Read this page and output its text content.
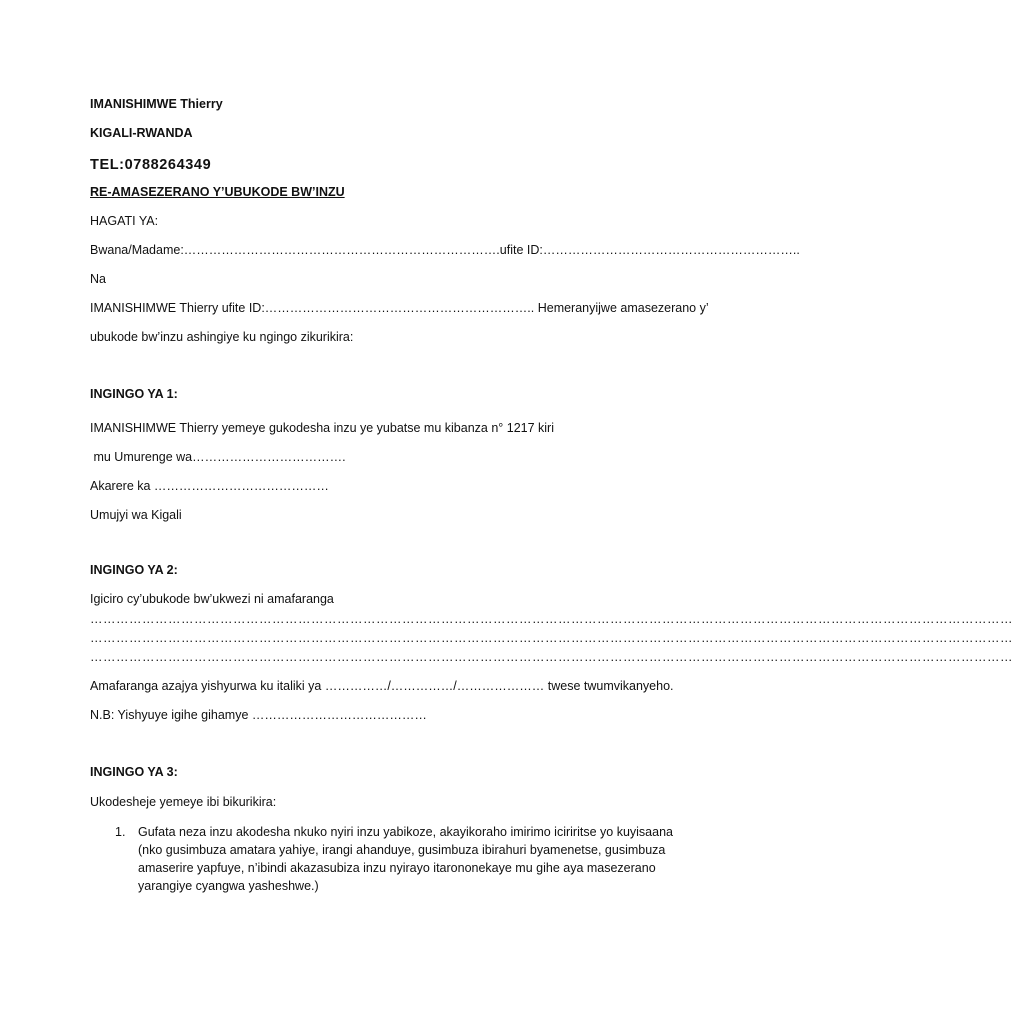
IMANISHIMWE Thierry
KIGALI-RWANDA
TEL:0788264349
RE-AMASEZERANO Y’UBUKODE BW’INZU
HAGATI YA:
Bwana/Madame:………………………………………………………………….ufite ID:……………………………………………………..
Na
IMANISHIMWE Thierry ufite ID:……………………………………………………….. Hemeranyijwe amasezerano y’
ubukode bw’inzu ashingiye ku ngingo zikurikira:
INGINGO YA 1:
IMANISHIMWE Thierry yemeye gukodesha inzu ye yubatse mu kibanza n° 1217 kiri
mu Umurenge wa……………………………….
Akarere ka ……………………………………
Umujyi wa Kigali
INGINGO YA 2:
Igiciro cy’ubukode bw’ukwezi ni amafaranga
……………………………………………………………………………………………………………………………………………………………………………………………
……………………………………………………………………………………………………………………………………………………………………………………………
……………………………………………………………………………………………………………………………………………………………………………………………
Amafaranga azajya yishyurwa ku italiki ya ……………/……………/………………… twese twumvikanyeho.
N.B: Yishyuye igihe gihamye ……………………………………
INGINGO YA 3:
Ukodesheje yemeye ibi bikurikira:
1. Gufata neza inzu akodesha nkuko nyiri inzu yabikoze, akayikoraho imirimo iciriritse yo kuyisaana (nko gusimbuza amatara yahiye, irangi ahanduye, gusimbuza ibirahuri byamenetse, gusimbuza amaserire yapfuye, n’ibindi akazasubiza inzu nyirayo itarononekaye mu gihe aya masezerano yarangiye cyangwa yasheshwe.)
